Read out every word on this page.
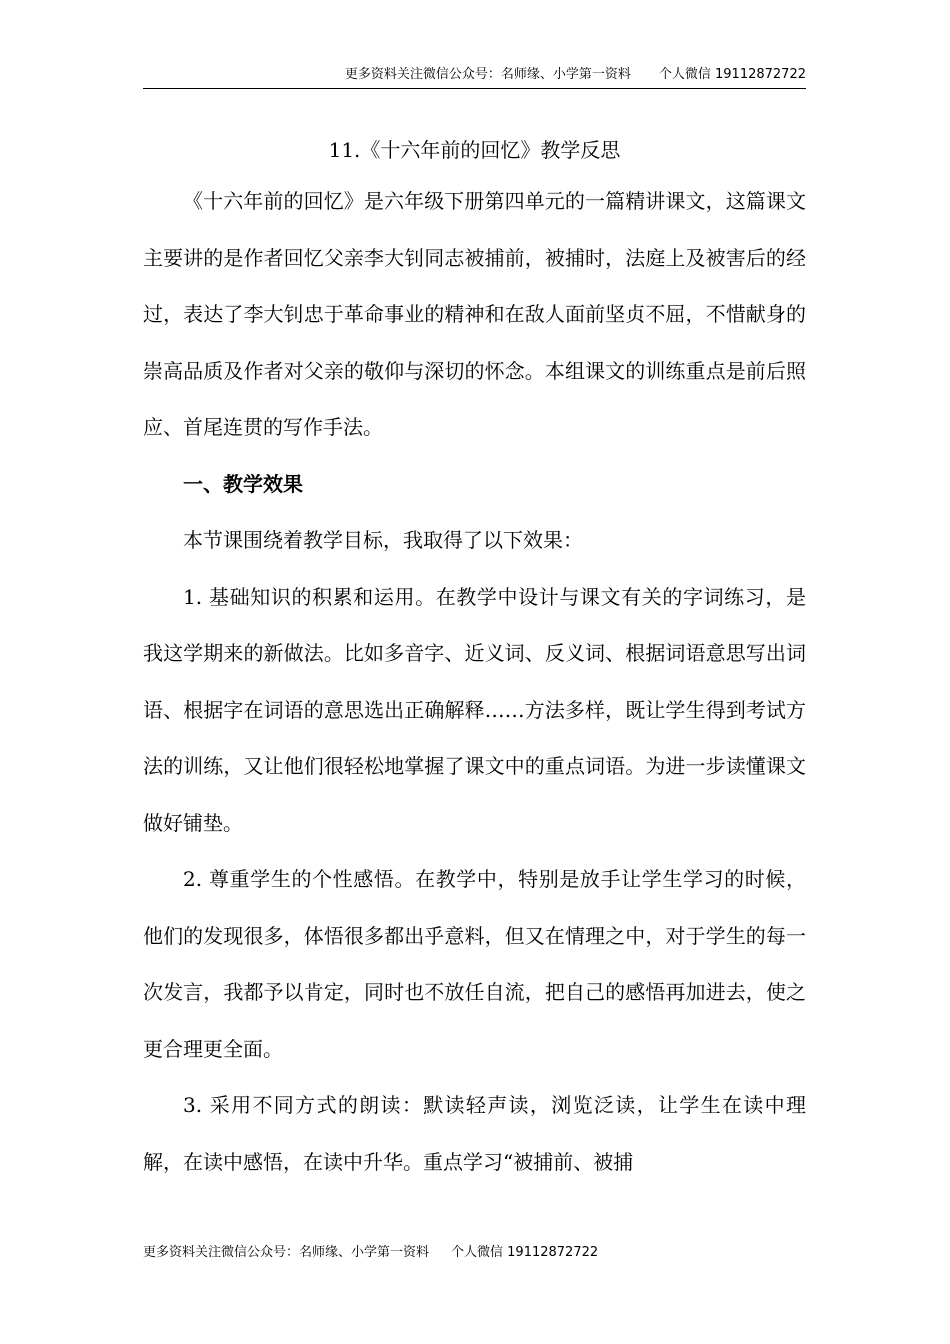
更多资料关注微信公众号：名师缘、小学第一资料 个人微信 19112872722
11.《十六年前的回忆》教学反思

《十六年前的回忆》是六年级下册第四单元的一篇精讲课文，这篇课文主要讲的是作者回忆父亲李大钊同志被捕前，被捕时，法庭上及被害后的经过，表达了李大钊忠于革命事业的精神和在敌人面前坚贞不屈，不惜献身的崇高品质及作者对父亲的敬仰与深切的怀念。本组课文的训练重点是前后照应、首尾连贯的写作手法。

一、教学效果

本节课围绕着教学目标，我取得了以下效果：

1. 基础知识的积累和运用。在教学中设计与课文有关的字词练习，是我这学期来的新做法。比如多音字、近义词、反义词、根据词语意思写出词语、根据字在词语的意思选出正确解释……方法多样，既让学生得到考试方法的训练，又让他们很轻松地掌握了课文中的重点词语。为进一步读懂课文做好铺垫。

2. 尊重学生的个性感悟。在教学中，特别是放手让学生学习的时候，他们的发现很多，体悟很多都出乎意料，但又在情理之中，对于学生的每一次发言，我都予以肯定，同时也不放任自流，把自己的感悟再加进去，使之更合理更全面。

3. 采用不同方式的朗读：默读轻声读，浏览泛读，让学生在读中理解，在读中感悟，在读中升华。重点学习“被捕前、被捕

更多资料关注微信公众号：名师缘、小学第一资料 个人微信 19112872722
